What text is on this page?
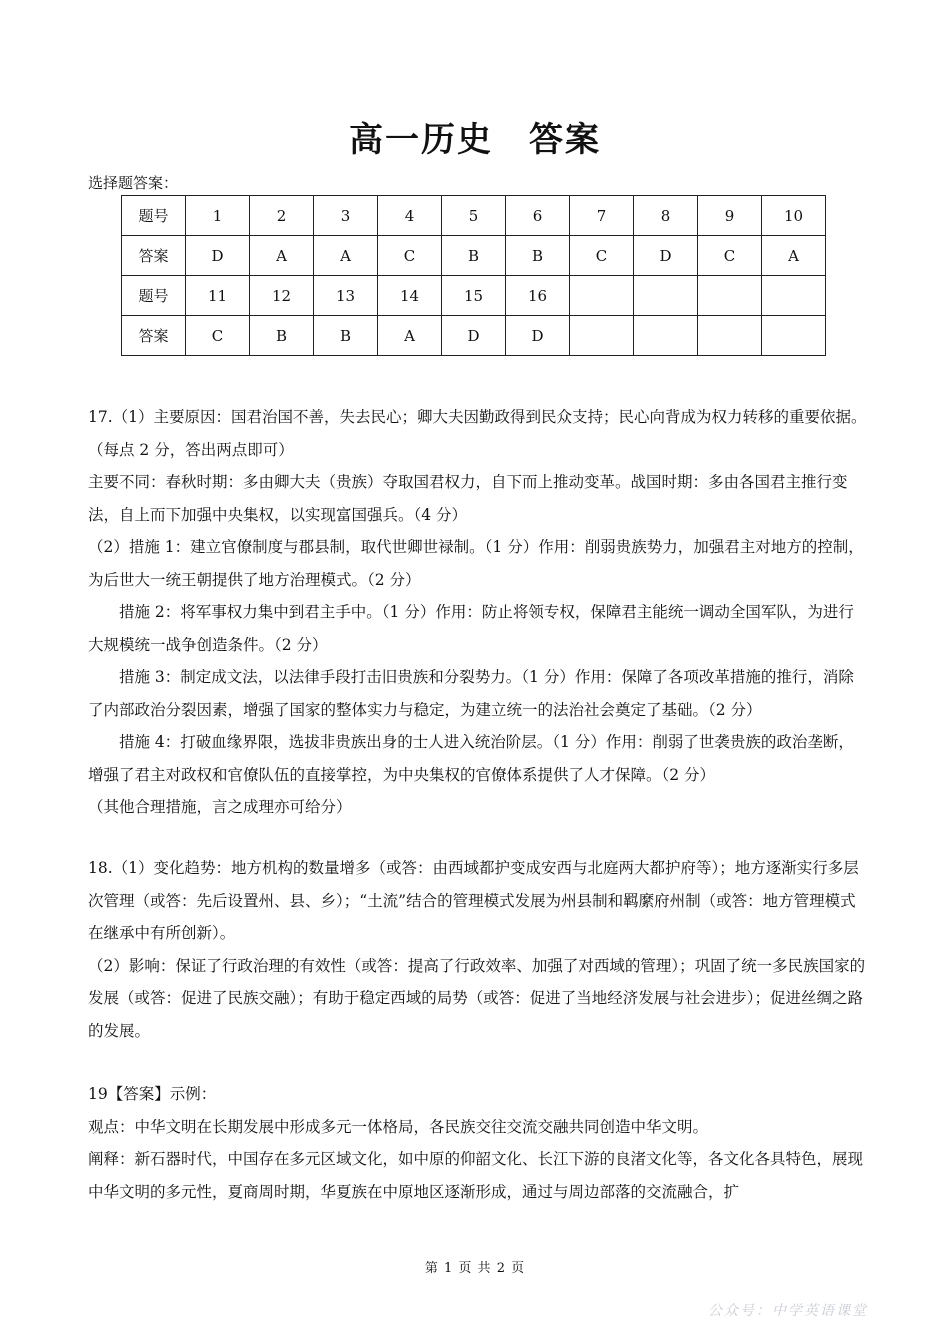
高一历史　答案
选择题答案：
题号	1	2	3	4	5	6	7	8	9	10
答案	D	A	A	C	B	B	C	D	C	A
题号	11	12	13	14	15	16				
答案	C	B	B	A	D	D				

17.（1）主要原因：国君治国不善，失去民心；卿大夫因勤政得到民众支持；民心向背成为权力转移的重要依据。（每点 2 分，答出两点即可）

主要不同：春秋时期：多由卿大夫（贵族）夺取国君权力，自下而上推动变革。战国时期：多由各国君主推行变法，自上而下加强中央集权，以实现富国强兵。（4 分）

（2）措施 1：建立官僚制度与郡县制，取代世卿世禄制。（1 分）作用：削弱贵族势力，加强君主对地方的控制，为后世大一统王朝提供了地方治理模式。（2 分）

措施 2：将军事权力集中到君主手中。（1 分）作用：防止将领专权，保障君主能统一调动全国军队，为进行大规模统一战争创造条件。（2 分）

措施 3：制定成文法，以法律手段打击旧贵族和分裂势力。（1 分）作用：保障了各项改革措施的推行，消除了内部政治分裂因素，增强了国家的整体实力与稳定，为建立统一的法治社会奠定了基础。（2 分）

措施 4：打破血缘界限，选拔非贵族出身的士人进入统治阶层。（1 分）作用：削弱了世袭贵族的政治垄断，增强了君主对政权和官僚队伍的直接掌控，为中央集权的官僚体系提供了人才保障。（2 分）

（其他合理措施，言之成理亦可给分）

18.（1）变化趋势：地方机构的数量增多（或答：由西域都护变成安西与北庭两大都护府等）；地方逐渐实行多层次管理（或答：先后设置州、县、乡）；“土流”结合的管理模式发展为州县制和羁縻府州制（或答：地方管理模式在继承中有所创新）。

（2）影响：保证了行政治理的有效性（或答：提高了行政效率、加强了对西域的管理）；巩固了统一多民族国家的发展（或答：促进了民族交融）；有助于稳定西域的局势（或答：促进了当地经济发展与社会进步）；促进丝绸之路的发展。

19【答案】示例：

观点：中华文明在长期发展中形成多元一体格局，各民族交往交流交融共同创造中华文明。

阐释：新石器时代，中国存在多元区域文化，如中原的仰韶文化、长江下游的良渚文化等，各文化各具特色，展现中华文明的多元性，夏商周时期，华夏族在中原地区逐渐形成，通过与周边部落的交流融合，扩

第 1 页 共 2 页
公众号：中学英语课堂
